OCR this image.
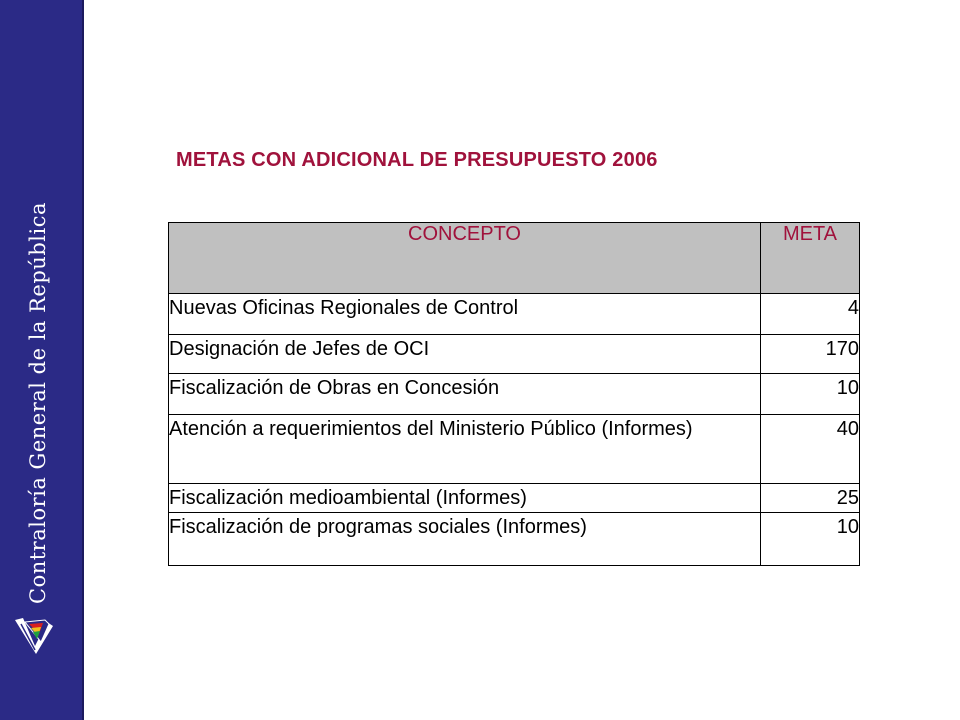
Contraloría General de la República
METAS CON ADICIONAL DE PRESUPUESTO 2006
CONCEPTO	META
Nuevas Oficinas Regionales de Control	4
Designación de Jefes de OCI	170
Fiscalización de Obras en Concesión	10
Atención a requerimientos del Ministerio Público (Informes)	40
Fiscalización medioambiental (Informes)	25
Fiscalización de programas sociales (Informes)	10
